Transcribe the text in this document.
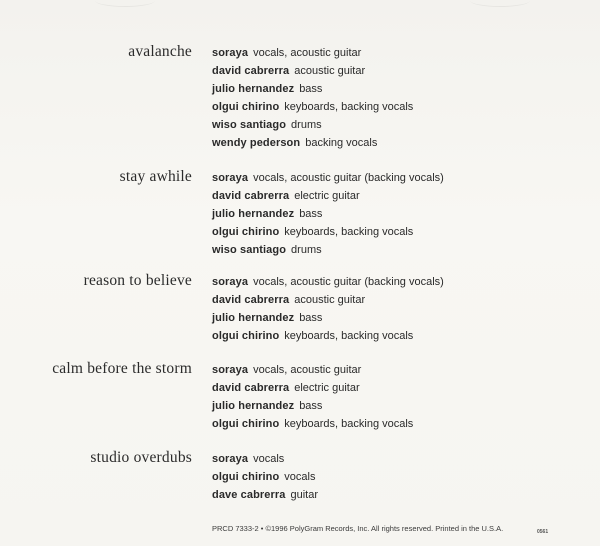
avalanche soraya vocals, acoustic guitar
david cabrerra acoustic guitar
julio hernandez bass
olgui chirino keyboards, backing vocals
wiso santiago drums
wendy pederson backing vocals
stay awhile soraya vocals, acoustic guitar (backing vocals)
david cabrerra electric guitar
julio hernandez bass
olgui chirino keyboards, backing vocals
wiso santiago drums
reason to believe soraya vocals, acoustic guitar (backing vocals)
david cabrerra acoustic guitar
julio hernandez bass
olgui chirino keyboards, backing vocals
calm before the storm soraya vocals, acoustic guitar
david cabrerra electric guitar
julio hernandez bass
olgui chirino keyboards, backing vocals
studio overdubs soraya vocals
olgui chirino vocals
dave cabrerra guitar
PRCD 7333-2 • ©1996 PolyGram Records, Inc. All rights reserved. Printed in the U.S.A.	0561
